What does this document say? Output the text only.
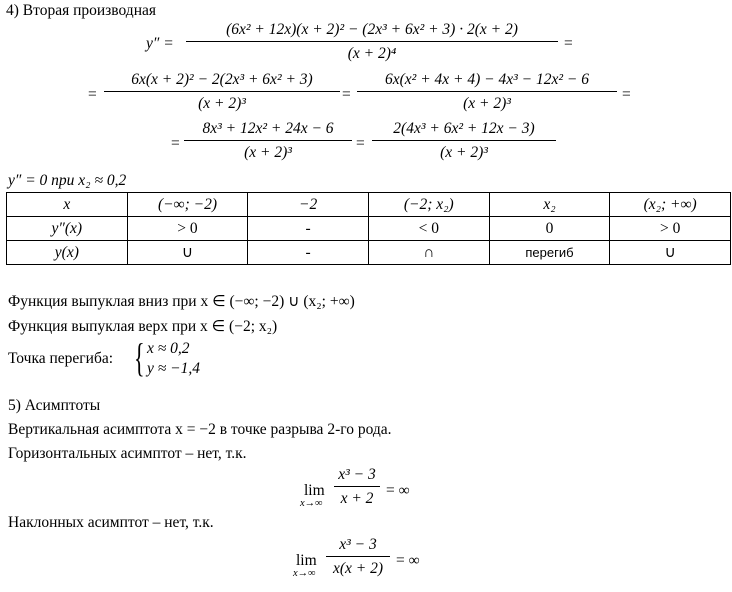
4) Вторая производная
y″ =
(6x² + 12x)(x + 2)² − (2x³ + 6x² + 3) · 2(x + 2)
(x + 2)⁴
=
=
6x(x + 2)² − 2(2x³ + 6x² + 3)
(x + 2)³	=
6x(x² + 4x + 4) − 4x³ − 12x² − 6
(x + 2)³	=
=
8x³ + 12x² + 24x − 6
(x + 2)³	=
2(4x³ + 6x² + 12x − 3)
(x + 2)³
y″ = 0 при x₂ ≈ 0,2
x	(−∞; −2)	−2	(−2; x₂)	x₂	(x₂; +∞)
y″(x)	> 0	-	< 0	0	> 0
y(x)	∪	-	∩	перегиб	∪
Функция выпуклая вниз при x ∈ (−∞; −2) ∪ (x₂; +∞)
Функция выпуклая верх при x ∈ (−2; x₂)
Точка перегиба: { x ≈ 0,2
y ≈ −1,4
5) Асимптоты
Вертикальная асимптота x = −2 в точке разрыва 2-го рода.
Горизонтальных асимптот – нет, т.к.
lim
x→∞
x³ − 3
x + 2 = ∞
Наклонных асимптот – нет, т.к.
lim
x→∞
x³ − 3
x(x + 2) = ∞
